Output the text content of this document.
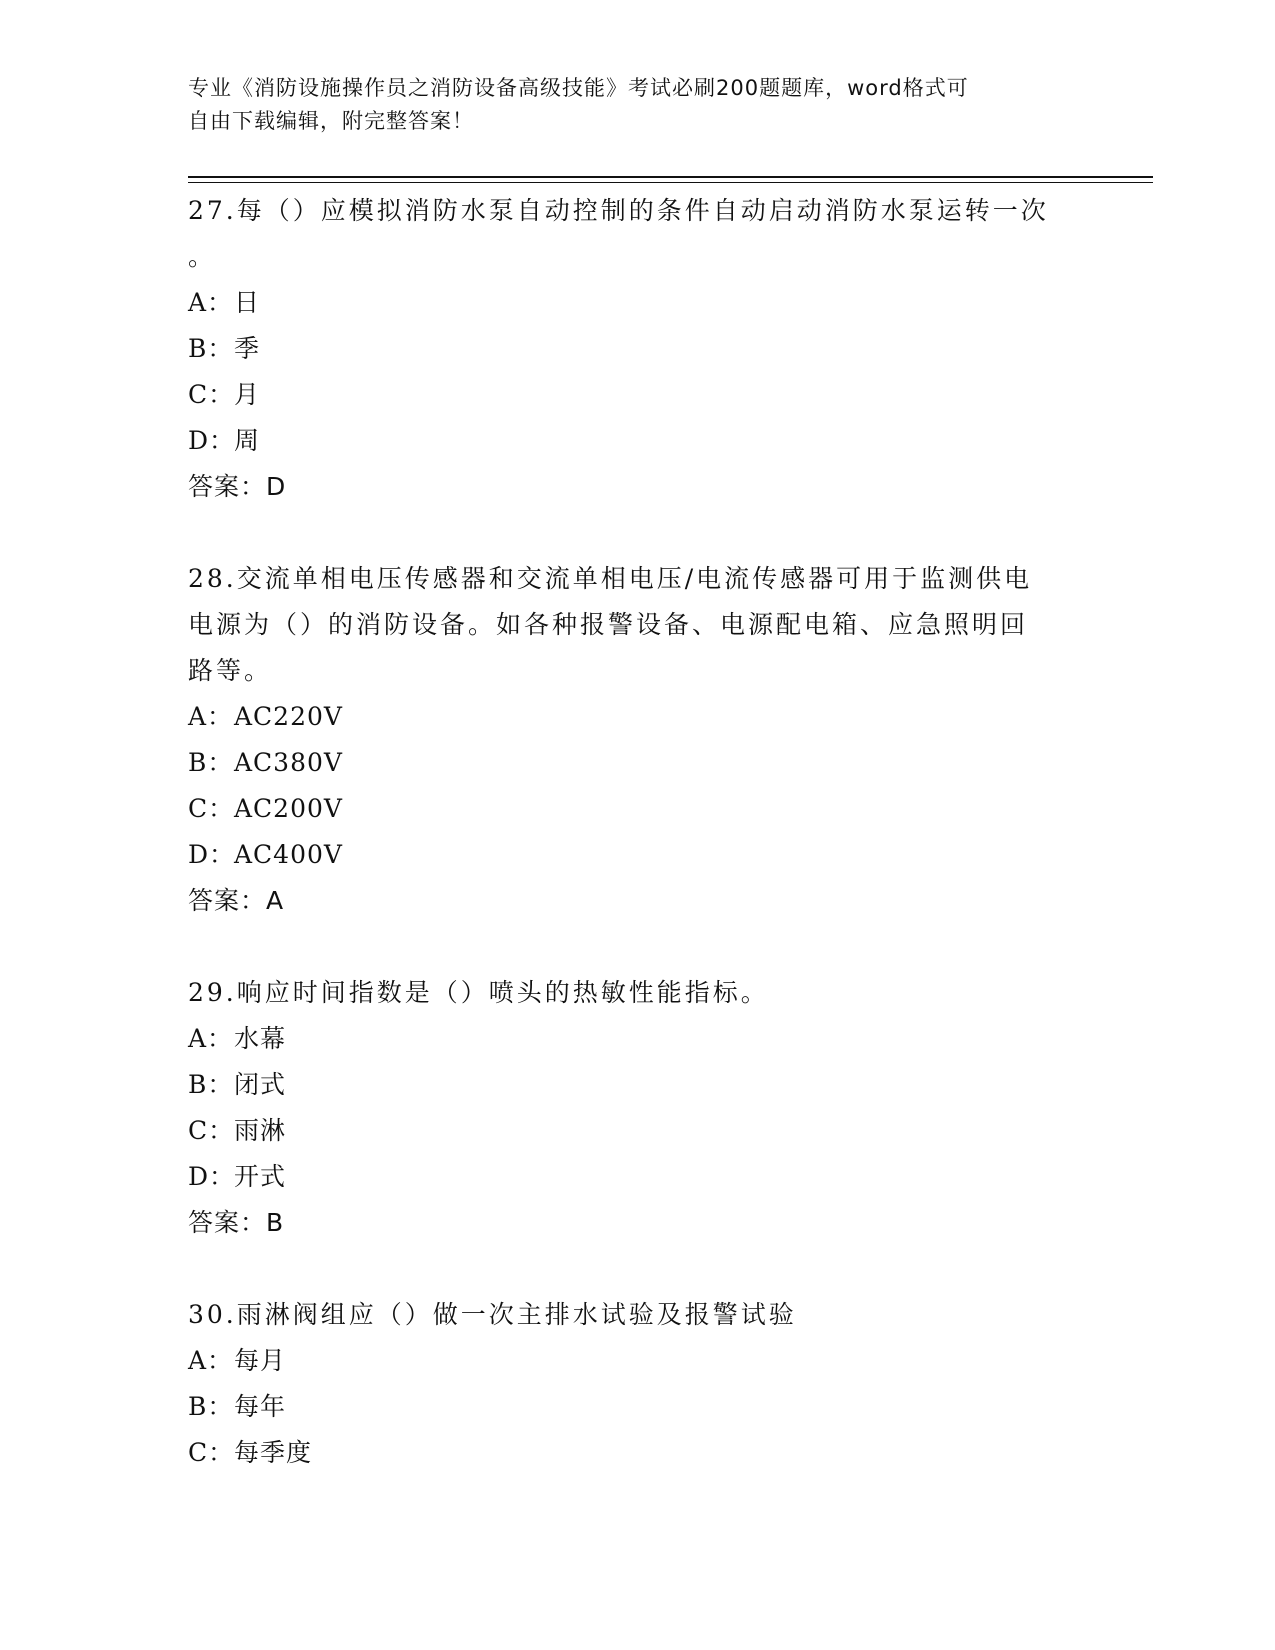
专业《消防设施操作员之消防设备高级技能》考试必刷200题题库，word格式可
自由下载编辑，附完整答案！
27.每（）应模拟消防水泵自动控制的条件自动启动消防水泵运转一次
。
A： 日
B： 季
C： 月
D：
周
答案：D
28.交流单相电压传感器和交流单相电压/电流传感器可用于监测供电
电源为（）的消防设备。如各种报警设备、电源配电箱、应急照明回
路等。
A： AC220V
B： AC380V
C： AC200V
D：
AC400V
答案：A
29.响应时间指数是（）喷头的热敏性能指标。
A： 水幕
B： 闭式
C： 雨淋
D：
开式
答案：B
30.雨淋阀组应（）做一次主排水试验及报警试验
A： 每月
B： 每年
C： 每季度
